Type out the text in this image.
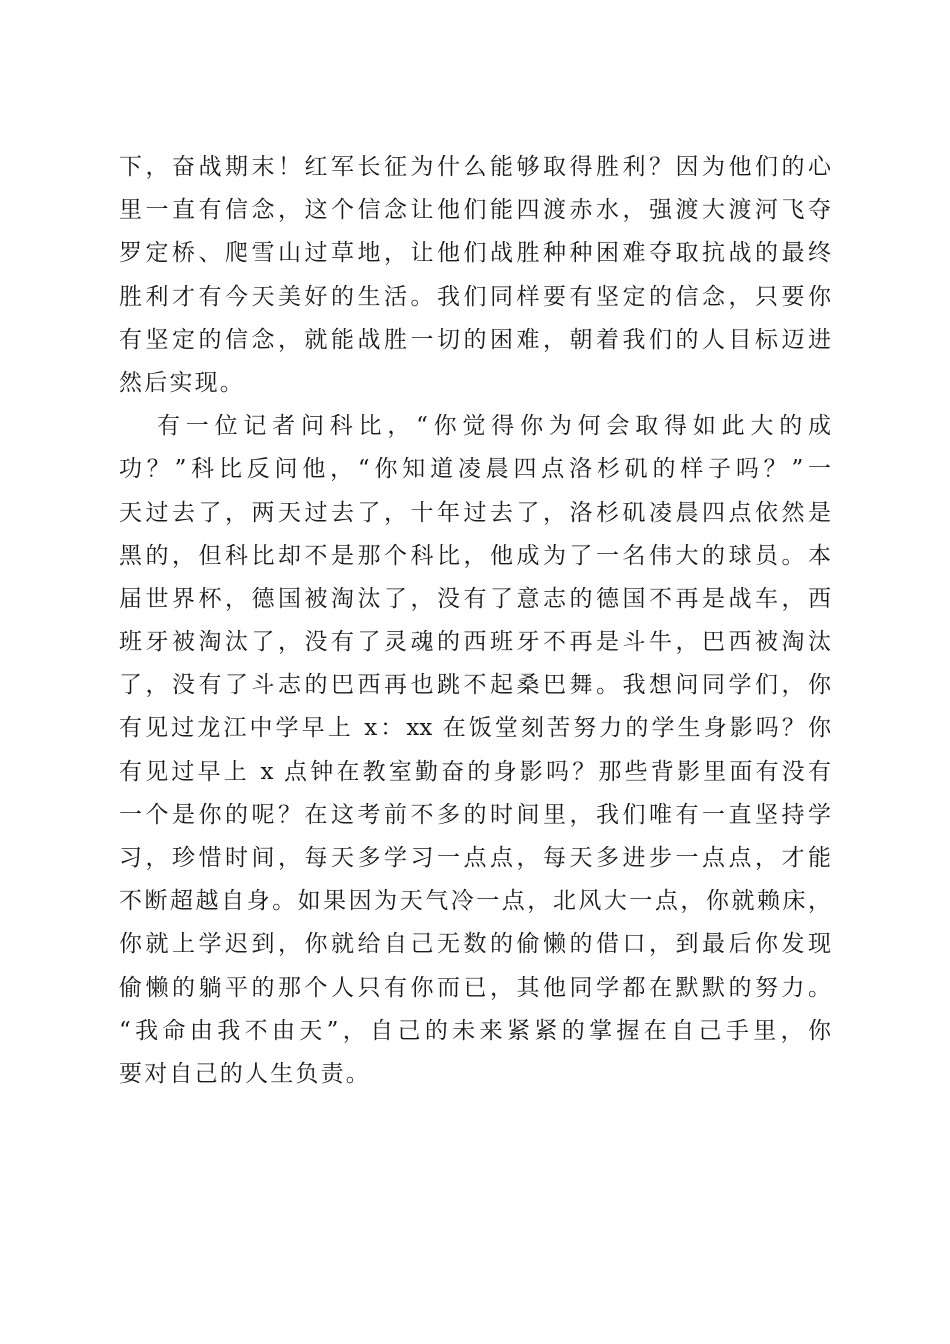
下，奋战期末！红军长征为什么能够取得胜利？因为他们的心
里一直有信念，这个信念让他们能四渡赤水，强渡大渡河飞夺
罗定桥、爬雪山过草地，让他们战胜种种困难夺取抗战的最终
胜利才有今天美好的生活。我们同样要有坚定的信念，只要你
有坚定的信念，就能战胜一切的困难，朝着我们的人目标迈进
然后实现。
有一位记者问科比，“你觉得你为何会取得如此大的成
功？”科比反问他，“你知道凌晨四点洛杉矶的样子吗？”一
天过去了，两天过去了，十年过去了，洛杉矶凌晨四点依然是
黑的，但科比却不是那个科比，他成为了一名伟大的球员。本
届世界杯，德国被淘汰了，没有了意志的德国不再是战车，西
班牙被淘汰了，没有了灵魂的西班牙不再是斗牛，巴西被淘汰
了，没有了斗志的巴西再也跳不起桑巴舞。我想问同学们，你
有见过龙江中学早上 x：xx 在饭堂刻苦努力的学生身影吗？你
有见过早上 x 点钟在教室勤奋的身影吗？那些背影里面有没有
一个是你的呢？在这考前不多的时间里，我们唯有一直坚持学
习，珍惜时间，每天多学习一点点，每天多进步一点点，才能
不断超越自身。如果因为天气冷一点，北风大一点，你就赖床，
你就上学迟到，你就给自己无数的偷懒的借口，到最后你发现
偷懒的躺平的那个人只有你而已，其他同学都在默默的努力。
“我命由我不由天”，自己的未来紧紧的掌握在自己手里，你
要对自己的人生负责。
